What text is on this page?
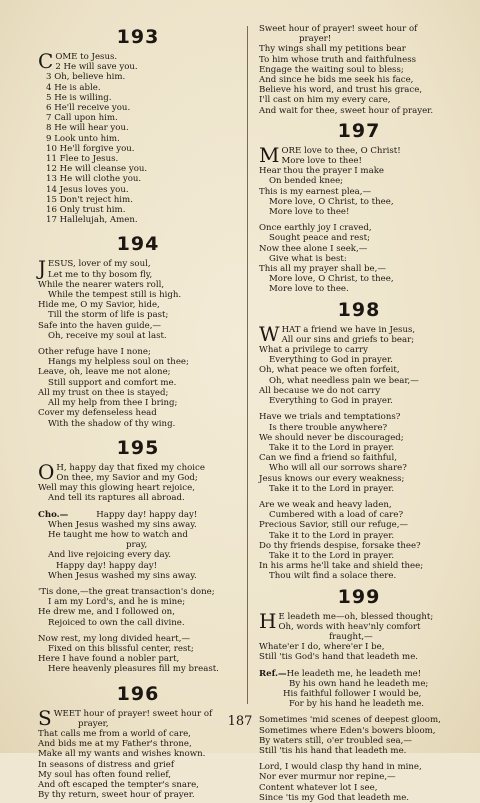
193
COME to Jesus.
2 He will save you.
3 Oh, believe him.
4 He is able.
5 He is willing.
6 He'll receive you.
7 Call upon him.
8 He will hear you.
9 Look unto him.
10 He'll forgive you.
11 Flee to Jesus.
12 He will cleanse you.
13 He will clothe you.
14 Jesus loves you.
15 Don't reject him.
16 Only trust him.
17 Hallelujah, Amen.
194
JESUS, lover of my soul,
Let me to thy bosom fly,
While the nearer waters roll,
While the tempest still is high.
Hide me, O my Savior, hide,
Till the storm of life is past;
Safe into the haven guide,—
Oh, receive my soul at last.
Other refuge have I none;
Hangs my helpless soul on thee;
Leave, oh, leave me not alone;
Still support and comfort me.
All my trust on thee is stayed;
All my help from thee I bring;
Cover my defenseless head
With the shadow of thy wing.
195
O H, happy day that fixed my choice
On thee, my Savior and my God;
Well may this glowing heart rejoice,
And tell its raptures all abroad.
Cho.—	Happy day! happy day!
When Jesus washed my sins away.
He taught me how to watch and
pray,
And live rejoicing every day.
Happy day! happy day!
When Jesus washed my sins away.
'Tis done,—the great transaction's done;
I am my Lord's, and he is mine;
He drew me, and I followed on,
Rejoiced to own the call divine.
Now rest, my long divided heart,—
Fixed on this blissful center, rest;
Here I have found a nobler part,
Here heavenly pleasures fill my breast.
196
SWEET hour of prayer! sweet hour of
prayer,
That calls me from a world of care,
And bids me at my Father's throne,
Make all my wants and wishes known.
In seasons of distress and grief
My soul has often found relief,
And oft escaped the tempter's snare,
By thy return, sweet hour of prayer.
Sweet hour of prayer! sweet hour of
prayer!
Thy wings shall my petitions bear
To him whose truth and faithfulness
Engage the waiting soul to bless;
And since he bids me seek his face,
Believe his word, and trust his grace,
I'll cast on him my every care,
And wait for thee, sweet hour of prayer.
197
MORE love to thee, O Christ!
More love to thee!
Hear thou the prayer I make
On bended knee;
This is my earnest plea,—
More love, O Christ, to thee,
More love to thee!
Once earthly joy I craved,
Sought peace and rest;
Now thee alone I seek,—
Give what is best:
This all my prayer shall be,—
More love, O Christ, to thee,
More love to thee.
198
WHAT a friend we have in Jesus,
All our sins and griefs to bear;
What a privilege to carry
Everything to God in prayer.
Oh, what peace we often forfeit,
Oh, what needless pain we bear,—
All because we do not carry
Everything to God in prayer.
Have we trials and temptations?
Is there trouble anywhere?
We should never be discouraged;
Take it to the Lord in prayer.
Can we find a friend so faithful,
Who will all our sorrows share?
Jesus knows our every weakness;
Take it to the Lord in prayer.
Are we weak and heavy laden,
Cumbered with a load of care?
Precious Savior, still our refuge,—
Take it to the Lord in prayer.
Do thy friends despise, forsake thee?
Take it to the Lord in prayer.
In his arms he'll take and shield thee;
Thou wilt find a solace there.
199
H E leadeth me—oh, blessed thought;
Oh, words with heav'nly comfort
fraught,—
Whate'er I do, where'er I be,
Still 'tis God's hand that leadeth me.
Ref.—He leadeth me, he leadeth me!
By his own hand he leadeth me;
His faithful follower I would be,
For by his hand he leadeth me.
Sometimes 'mid scenes of deepest gloom,
Sometimes where Eden's bowers bloom,
By waters still, o'er troubled sea,—
Still 'tis his hand that leadeth me.
Lord, I would clasp thy hand in mine,
Nor ever murmur nor repine,—
Content whatever lot I see,
Since 'tis my God that leadeth me.
187
